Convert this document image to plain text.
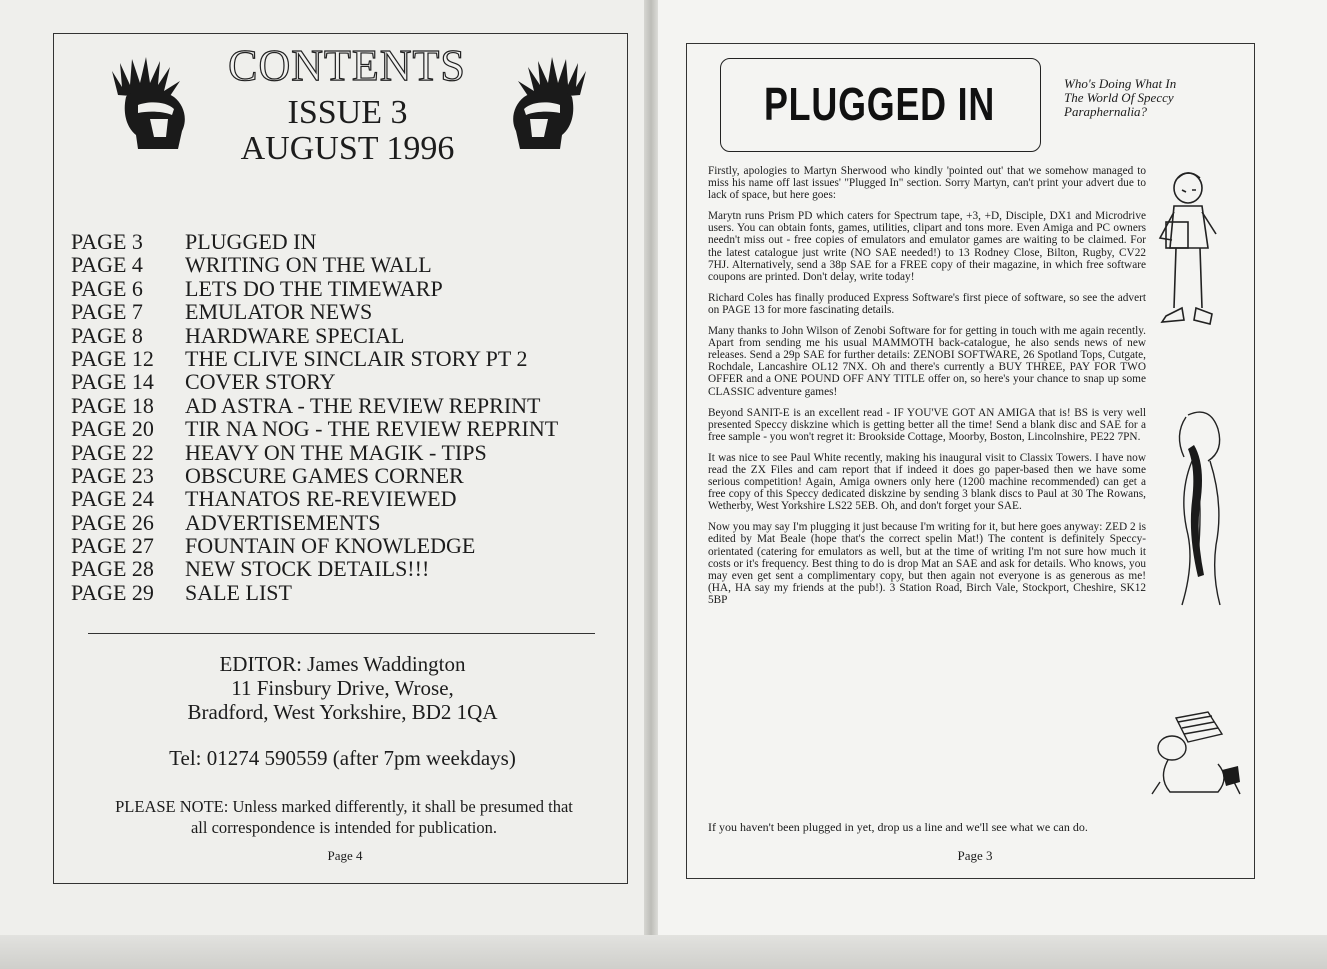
CONTENTS
ISSUE 3
AUGUST 1996
PAGE 3	PLUGGED IN
PAGE 4	WRITING ON THE WALL
PAGE 6	LETS DO THE TIMEWARP
PAGE 7	EMULATOR NEWS
PAGE 8	HARDWARE SPECIAL
PAGE 12	THE CLIVE SINCLAIR STORY PT 2
PAGE 14	COVER STORY
PAGE 18	AD ASTRA - THE REVIEW REPRINT
PAGE 20	TIR NA NOG - THE REVIEW REPRINT
PAGE 22	HEAVY ON THE MAGIK - TIPS
PAGE 23	OBSCURE GAMES CORNER
PAGE 24	THANATOS RE-REVIEWED
PAGE 26	ADVERTISEMENTS
PAGE 27	FOUNTAIN OF KNOWLEDGE
PAGE 28	NEW STOCK DETAILS!!!
PAGE 29	SALE LIST
EDITOR: James Waddington
11 Finsbury Drive, Wrose,
Bradford, West Yorkshire, BD2 1QA
Tel: 01274 590559 (after 7pm weekdays)
PLEASE NOTE: Unless marked differently, it shall be presumed that
all correspondence is intended for publication.
Page 4
PLUGGED IN	Who's Doing What In
The World Of Speccy
Paraphernalia?

Firstly, apologies to Martyn Sherwood who kindly 'pointed out' that we somehow managed to miss his name off last issues' "Plugged In" section. Sorry Martyn, can't print your advert due to lack of space, but here goes:

Marytn runs Prism PD which caters for Spectrum tape, +3, +D, Disciple, DX1 and Microdrive users. You can obtain fonts, games, utilities, clipart and tons more. Even Amiga and PC owners needn't miss out - free copies of emulators and emulator games are waiting to be claimed. For the latest catalogue just write (NO SAE needed!) to 13 Rodney Close, Bilton, Rugby, CV22 7HJ. Alternatively, send a 38p SAE for a FREE copy of their magazine, in which free software coupons are printed. Don't delay, write today!

Richard Coles has finally produced Express Software's first piece of software, so see the advert on PAGE 13 for more fascinating details.

Many thanks to John Wilson of Zenobi Software for for getting in touch with me again recently. Apart from sending me his usual MAMMOTH back-catalogue, he also sends news of new releases. Send a 29p SAE for further details: ZENOBI SOFTWARE, 26 Spotland Tops, Cutgate, Rochdale, Lancashire OL12 7NX. Oh and there's currently a BUY THREE, PAY FOR TWO OFFER and a ONE POUND OFF ANY TITLE offer on, so here's your chance to snap up some CLASSIC adventure games!

Beyond SANIT-E is an excellent read - IF YOU'VE GOT AN AMIGA that is! BS is very well presented Speccy diskzine which is getting better all the time! Send a blank disc and SAE for a free sample - you won't regret it: Brookside Cottage, Moorby, Boston, Lincolnshire, PE22 7PN.

It was nice to see Paul White recently, making his inaugural visit to Classix Towers. I have now read the ZX Files and cam report that if indeed it does go paper-based then we have some serious competition! Again, Amiga owners only here (1200 machine recommended) can get a free copy of this Speccy dedicated diskzine by sending 3 blank discs to Paul at 30 The Rowans, Wetherby, West Yorkshire LS22 5EB. Oh, and don't forget your SAE.

Now you may say I'm plugging it just because I'm writing for it, but here goes anyway: ZED 2 is edited by Mat Beale (hope that's the correct spelin Mat!) The content is definitely Speccy-orientated (catering for emulators as well, but at the time of writing I'm not sure how much it costs or it's frequency. Best thing to do is drop Mat an SAE and ask for details. Who knows, you may even get sent a complimentary copy, but then again not everyone is as generous as me! (HA, HA say my friends at the pub!). 3 Station Road, Birch Vale, Stockport, Cheshire, SK12 5BP

If you haven't been plugged in yet, drop us a line and we'll see what we can do.
Page 3
